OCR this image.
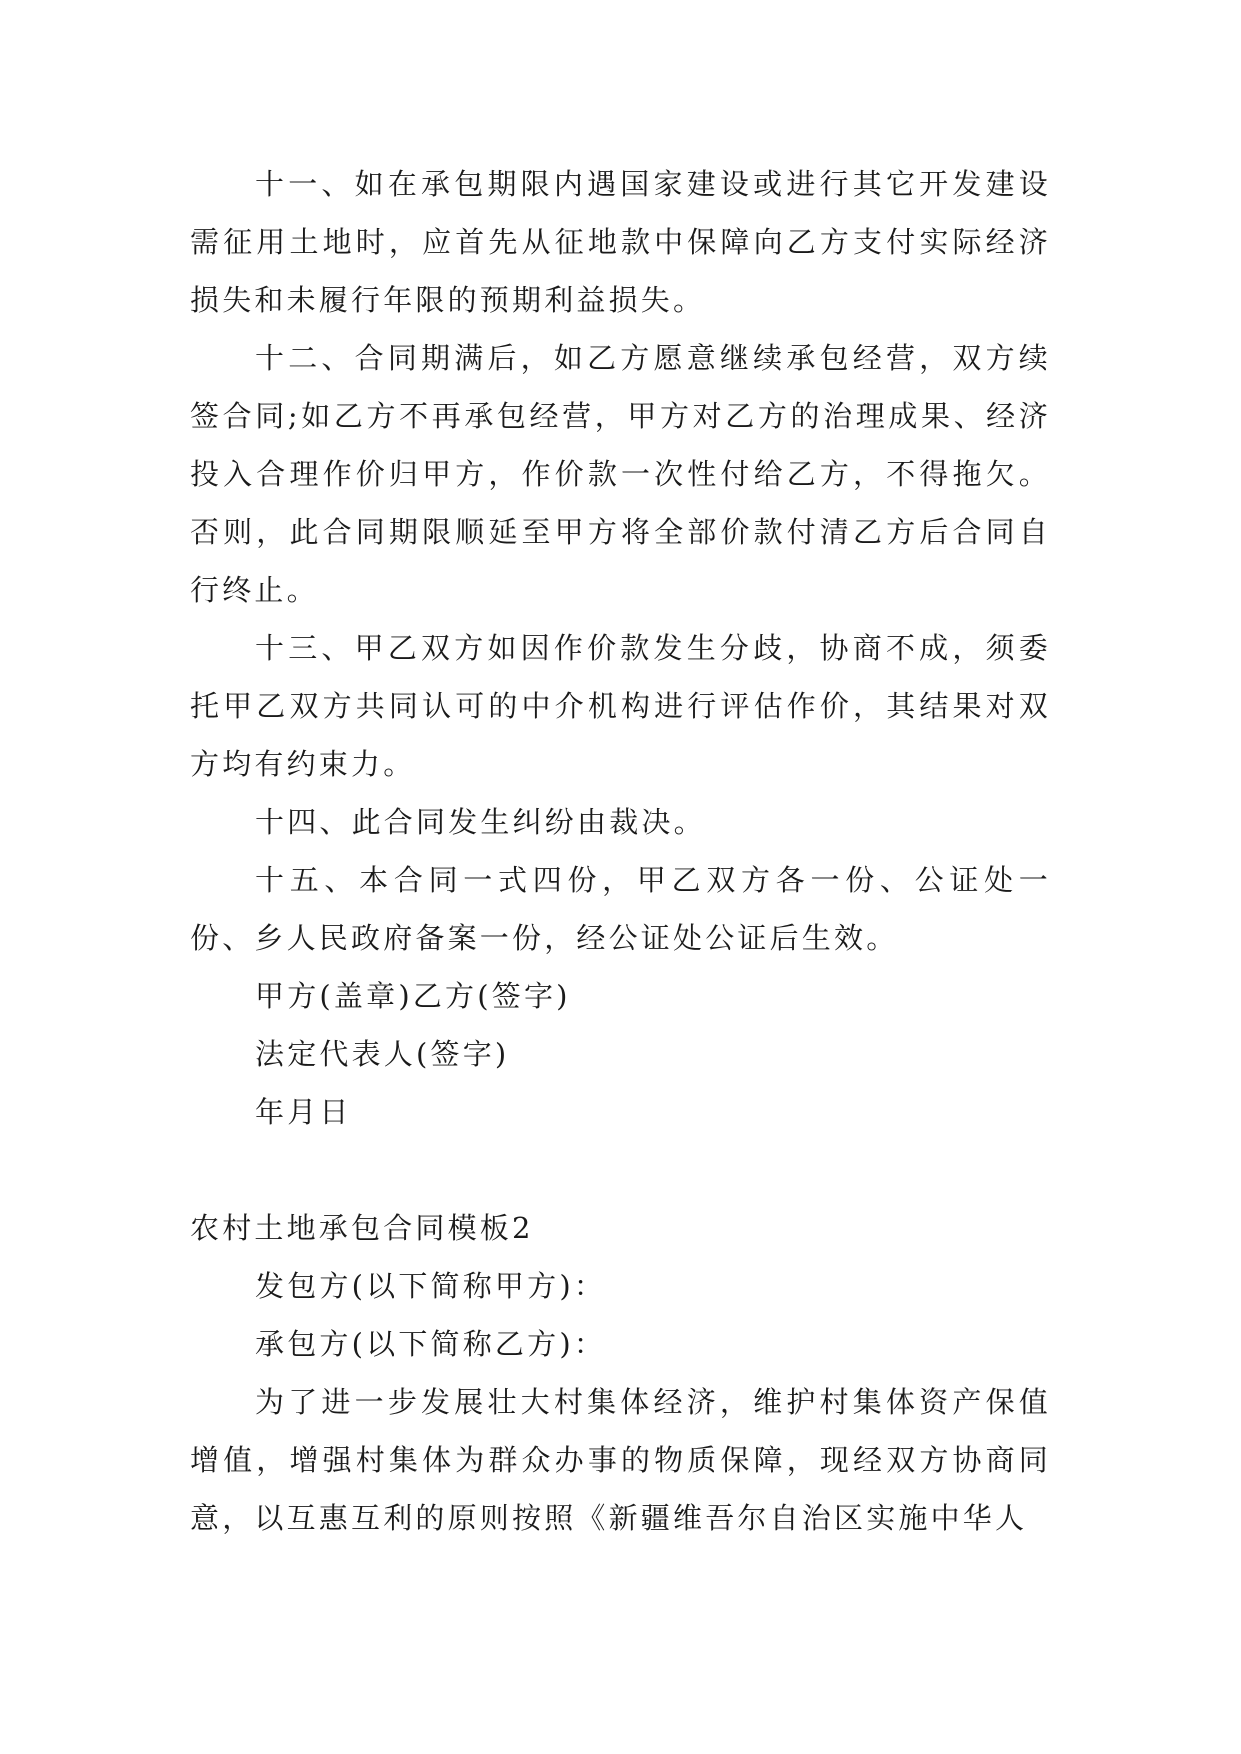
十一、如在承包期限内遇国家建设或进行其它开发建设需征用土地时，应首先从征地款中保障向乙方支付实际经济损失和未履行年限的预期利益损失。

十二、合同期满后，如乙方愿意继续承包经营，双方续签合同;如乙方不再承包经营，甲方对乙方的治理成果、经济投入合理作价归甲方，作价款一次性付给乙方，不得拖欠。否则，此合同期限顺延至甲方将全部价款付清乙方后合同自行终止。

十三、甲乙双方如因作价款发生分歧，协商不成，须委托甲乙双方共同认可的中介机构进行评估作价，其结果对双方均有约束力。

十四、此合同发生纠纷由裁决。

十五、本合同一式四份，甲乙双方各一份、公证处一份、乡人民政府备案一份，经公证处公证后生效。

甲方(盖章)乙方(签字)

法定代表人(签字)

年月日

农村土地承包合同模板2

发包方(以下简称甲方)：

承包方(以下简称乙方)：

为了进一步发展壮大村集体经济，维护村集体资产保值增值，增强村集体为群众办事的物质保障，现经双方协商同意，以互惠互利的原则按照《新疆维吾尔自治区实施中华人
